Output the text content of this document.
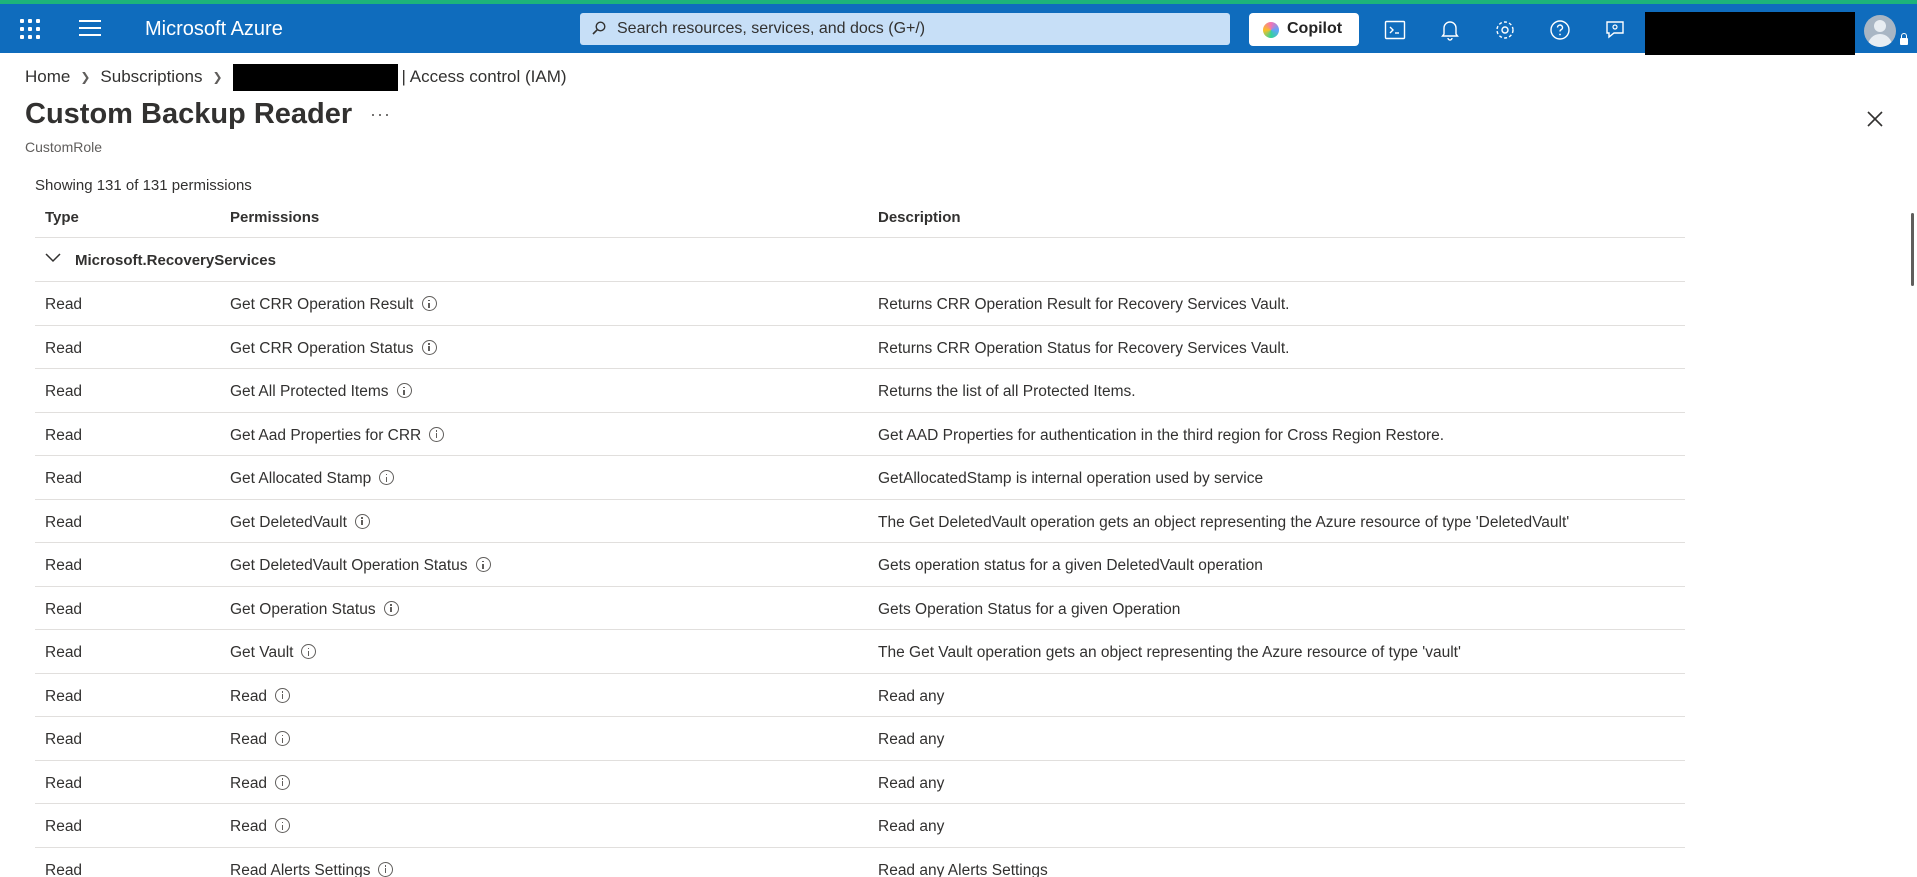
Microsoft Azure	Search resources, services, and docs (G+/)	Copilot
Home ❯ Subscriptions ❯	| Access control (IAM)
Custom Backup Reader ···
CustomRole
Showing 131 of 131 permissions
Type	Permissions	Description
Microsoft.RecoveryServices
Read	Get CRR Operation Result	Returns CRR Operation Result for Recovery Services Vault.
Read	Get CRR Operation Status	Returns CRR Operation Status for Recovery Services Vault.
Read	Get All Protected Items	Returns the list of all Protected Items.
Read	Get Aad Properties for CRR	Get AAD Properties for authentication in the third region for Cross Region Restore.
Read	Get Allocated Stamp	GetAllocatedStamp is internal operation used by service
Read	Get DeletedVault	The Get DeletedVault operation gets an object representing the Azure resource of type 'DeletedVault'
Read	Get DeletedVault Operation Status	Gets operation status for a given DeletedVault operation
Read	Get Operation Status	Gets Operation Status for a given Operation
Read	Get Vault	The Get Vault operation gets an object representing the Azure resource of type 'vault'
Read	Read	Read any
Read	Read	Read any
Read	Read	Read any
Read	Read	Read any
Read	Read Alerts Settings	Read any Alerts Settings
